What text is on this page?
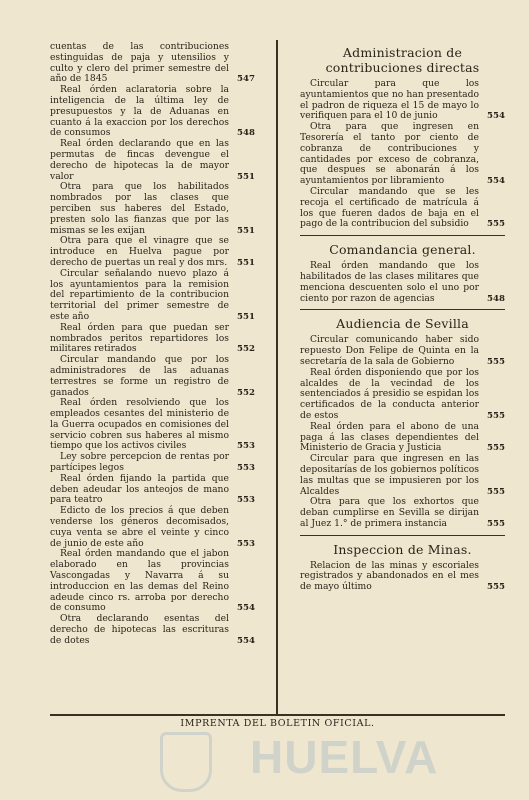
cuentas de las contribuciones estinguidas de paja y utensilios y culto y clero del primer semestre del año de 1845	547

Real órden aclaratoria sobre la inteligencia de la última ley de presupuestos y la de Aduanas en cuanto á la exaccion por los derechos de consumos	548

Real órden declarando que en las permutas de fincas devengue el derecho de hipotecas la de mayor valor	551

Otra para que los habilitados nombrados por las clases que perciben sus haberes del Estado, presten solo las fianzas que por las mismas se les exijan	551

Otra para que el vinagre que se introduce en Huelva pague por derecho de puertas un real y dos mrs. 551

Circular señalando nuevo plazo á los ayuntamientos para la remision del repartimiento de la contribucion territorial del primer semestre de este año	551

Real órden para que puedan ser nombrados peritos repartidores los militares retirados	552

Circular mandando que por los administradores de las aduanas terrestres se forme un registro de ganados	552

Real órden resolviendo que los empleados cesantes del ministerio de la Guerra ocupados en comisiones del servicio cobren sus haberes al mismo tiempo que los activos civiles	553

Ley sobre percepcion de rentas por partícipes legos	553

Real órden fijando la partida que deben adeudar los anteojos de mano para teatro	553

Edicto de los precios á que deben venderse los géneros decomisados, cuya venta se abre el veinte y cinco de junio de este año	553

Real órden mandando que el jabon elaborado en las provincias Vascongadas y Navarra á su introduccion en las demas del Reino adeude cinco rs. arroba por derecho de consumo	554

Otra declarando esentas del derecho de hipotecas las escrituras de dotes	554

Administracion de contribuciones directas

Circular para que los ayuntamientos que no han presentado el padron de riqueza el 15 de mayo lo verifiquen para el 10 de junio	554

Otra para que ingresen en Tesorería el tanto por ciento de cobranza de contribuciones y cantidades por exceso de cobranza, que despues se abonarán á los ayuntamientos por libramiento	554

Circular mandando que se les recoja el certificado de matrícula á los que fueren dados de baja en el pago de la contribucion del subsidio 555

Comandancia general.

Real órden mandando que los habilitados de las clases militares que menciona descuenten solo el uno por ciento por razon de agencias	548

Audiencia de Sevilla

Circular comunicando haber sido repuesto Don Felipe de Quinta en la secretaría de la sala de Gobierno	555

Real órden disponiendo que por los alcaldes de la vecindad de los sentenciados á presidio se espidan los certificados de la conducta anterior de estos	555

Real órden para el abono de una paga á las clases dependientes del Ministerio de Gracia y Justicia	555

Circular para que ingresen en las depositarías de los gobiernos políticos las multas que se impusieren por los Alcaldes	555

Otra para que los exhortos que deban cumplirse en Sevilla se dirijan al Juez 1.° de primera instancia	555

Inspeccion de Minas.

Relacion de las minas y escoriales registrados y abandonados en el mes de mayo último	555

IMPRENTA DEL BOLETIN OFICIAL.
HUELVA
